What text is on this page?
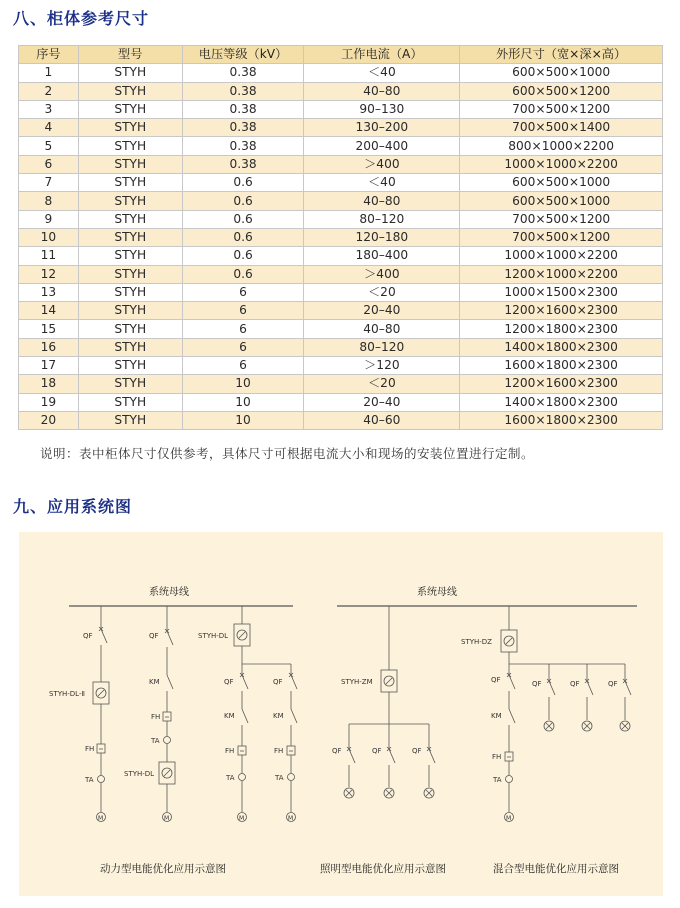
八、柜体参考尺寸
序号	型号	电压等级（kV）	工作电流（A）	外形尺寸（宽×深×高）
1	STYH	0.38	＜40	600×500×1000
2	STYH	0.38	40–80	600×500×1200
3	STYH	0.38	90–130	700×500×1200
4	STYH	0.38	130–200	700×500×1400
5	STYH	0.38	200–400	800×1000×2200
6	STYH	0.38	＞400	1000×1000×2200
7	STYH	0.6	＜40	600×500×1000
8	STYH	0.6	40–80	600×500×1000
9	STYH	0.6	80–120	700×500×1200
10	STYH	0.6	120–180	700×500×1200
11	STYH	0.6	180–400	1000×1000×2200
12	STYH	0.6	＞400	1200×1000×2200
13	STYH	6	＜20	1000×1500×2300
14	STYH	6	20–40	1200×1600×2300
15	STYH	6	40–80	1200×1800×2300
16	STYH	6	80–120	1400×1800×2300
17	STYH	6	＞120	1600×1800×2300
18	STYH	10	＜20	1200×1600×2300
19	STYH	10	20–40	1400×1800×2300
20	STYH	10	40–60	1600×1800×2300
说明：表中柜体尺寸仅供参考，具体尺寸可根据电流大小和现场的安装位置进行定制。
九、应用系统图
系统母线
QF
STYH-DL-Ⅱ
FH
TA
M
QF
KM
FH
TA
STYH-DL
M
STYH-DL
QF
KM
FH
TA
M
QF
KM
FH
TA
M
系统母线
STYH-ZM
QF	QF	QF
STYH-DZ
QF
KM
FH
TA
M
QF	QF	QF
动力型电能优化应用示意图	照明型电能优化应用示意图	混合型电能优化应用示意图
